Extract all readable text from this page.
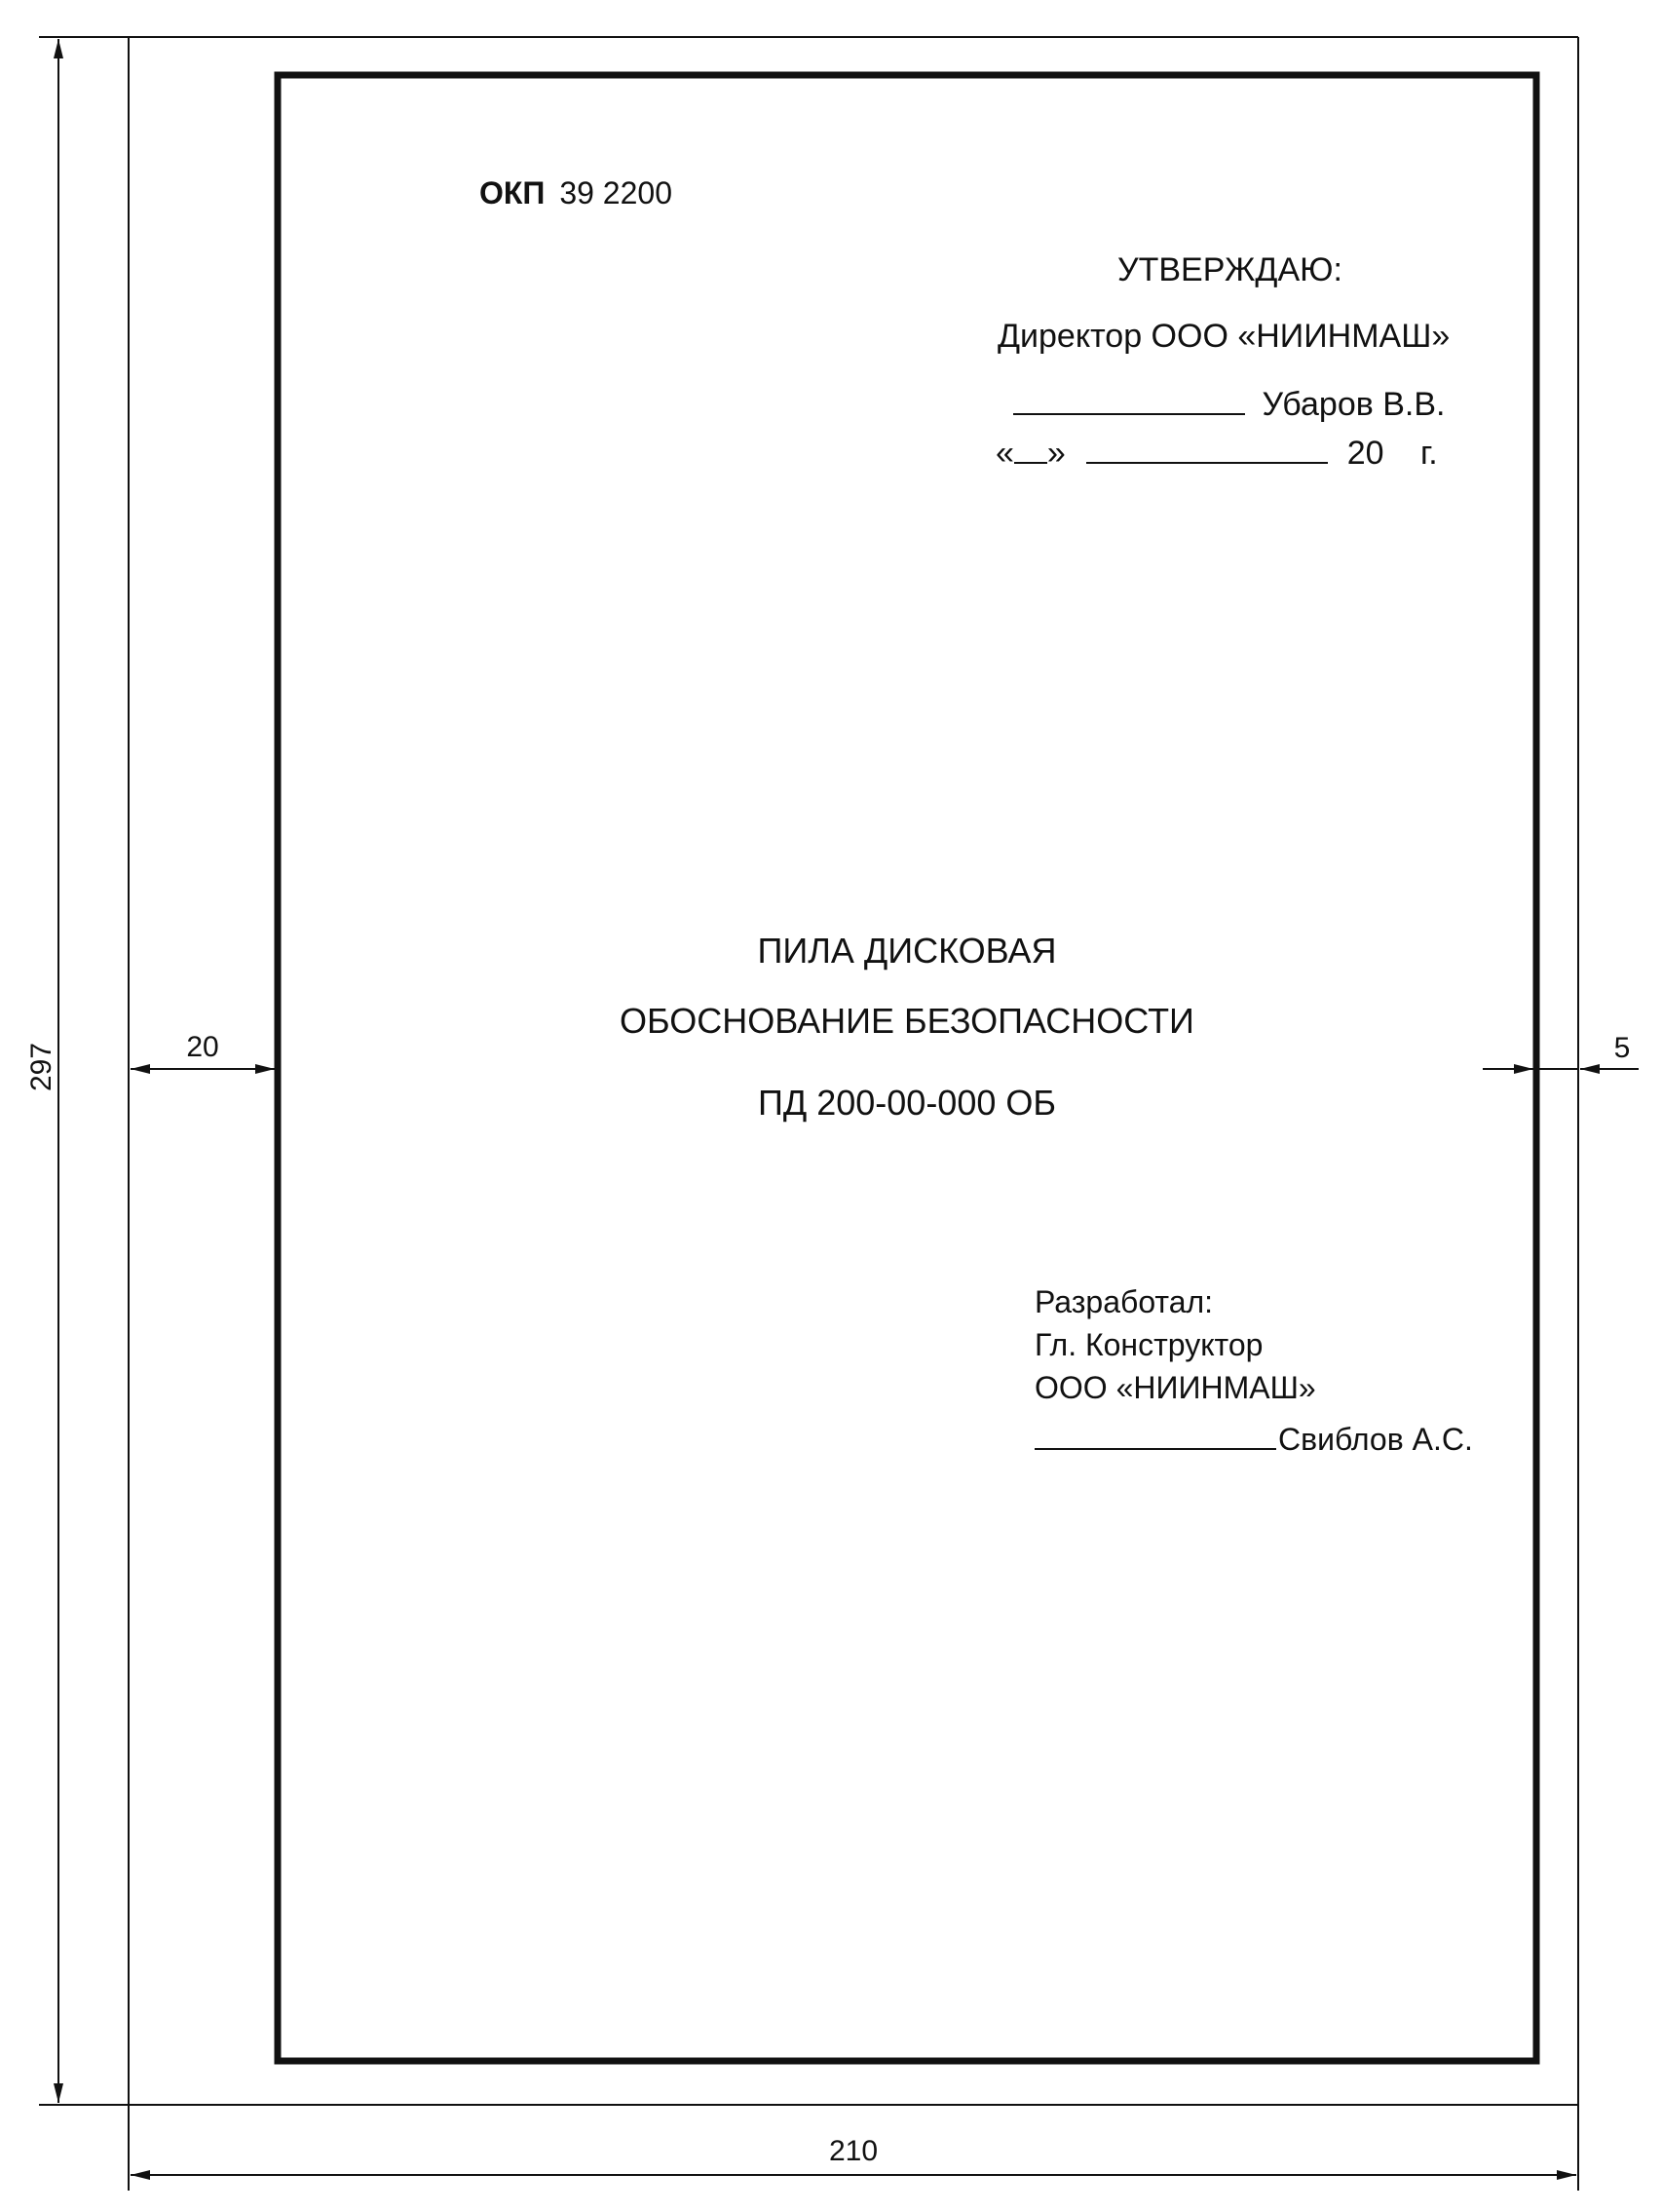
297
210
20	5
ОКП 39 2200
УТВЕРЖДАЮ:
Директор ООО «НИИНМАШ»
Убаров В.В.
« »	20 г.
ПИЛА ДИСКОВАЯ
ОБОСНОВАНИЕ БЕЗОПАСНОСТИ
ПД 200-00-000 ОБ
Разработал:
Гл. Конструктор
ООО «НИИНМАШ»
Свиблов А.С.
